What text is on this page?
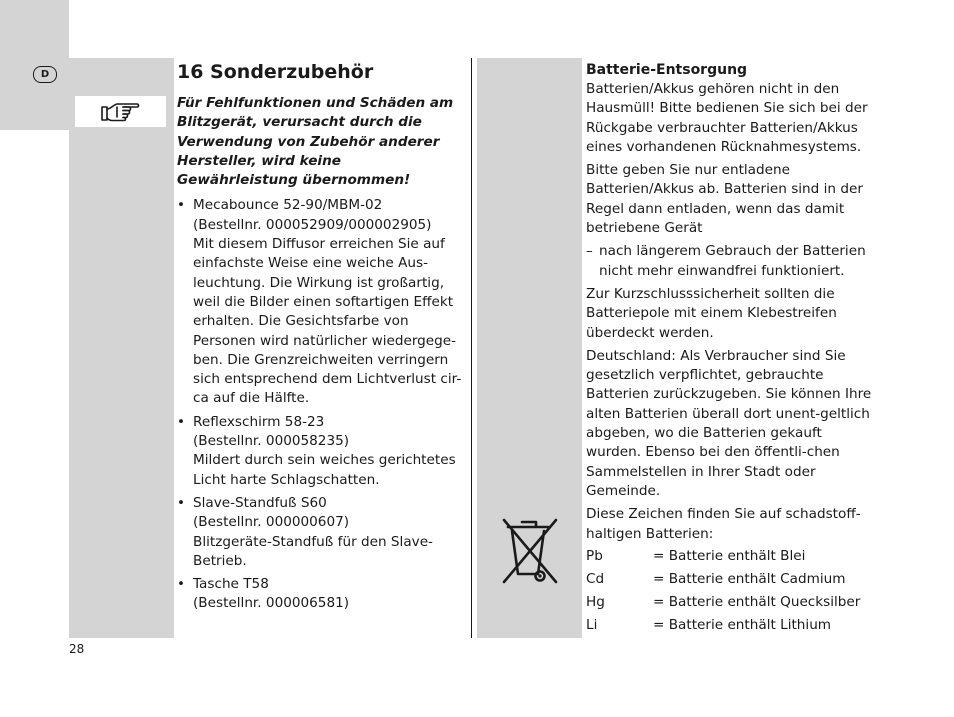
D	16 Sonderzubehör

Für Fehlfunktionen und Schäden am Blitzgerät, verursacht durch die Verwendung von Zubehör anderer Hersteller, wird keine Gewährleistung übernommen!

• Mecabounce 52-90/MBM-02
(Bestellnr. 000052909/000002905)
Mit diesem Diffusor erreichen Sie auf einfachste Weise eine weiche Aus-leuchtung. Die Wirkung ist großartig, weil die Bilder einen softartigen Effekt erhalten. Die Gesichtsfarbe von Personen wird natürlicher wiedergege-ben. Die Grenzreichweiten verringern sich entsprechend dem Lichtverlust cir-ca auf die Hälfte.
• Reflexschirm 58-23
(Bestellnr. 000058235)
Mildert durch sein weiches gerichtetes Licht harte Schlagschatten.
• Slave-Standfuß S60
(Bestellnr. 000000607)
Blitzgeräte-Standfuß für den Slave-Betrieb.
• Tasche T58
(Bestellnr. 000006581)
Batterie-Entsorgung

Batterien/Akkus gehören nicht in den Hausmüll! Bitte bedienen Sie sich bei der Rückgabe verbrauchter Batterien/Akkus eines vorhandenen Rücknahmesystems.

Bitte geben Sie nur entladene Batterien/Akkus ab. Batterien sind in der Regel dann entladen, wenn das damit betriebene Gerät

– nach längerem Gebrauch der Batterien nicht mehr einwandfrei funktioniert.

Zur Kurzschlusssicherheit sollten die Batteriepole mit einem Klebestreifen überdeckt werden.

Deutschland: Als Verbraucher sind Sie gesetzlich verpflichtet, gebrauchte Batterien zurückzugeben. Sie können Ihre alten Batterien überall dort unent-geltlich abgeben, wo die Batterien gekauft wurden. Ebenso bei den öffentli-chen Sammelstellen in Ihrer Stadt oder Gemeinde.

Diese Zeichen finden Sie auf schadstoff-haltigen Batterien:

Pb	= Batterie enthält Blei
Cd	= Batterie enthält Cadmium
Hg	= Batterie enthält Quecksilber
Li	= Batterie enthält Lithium
28
